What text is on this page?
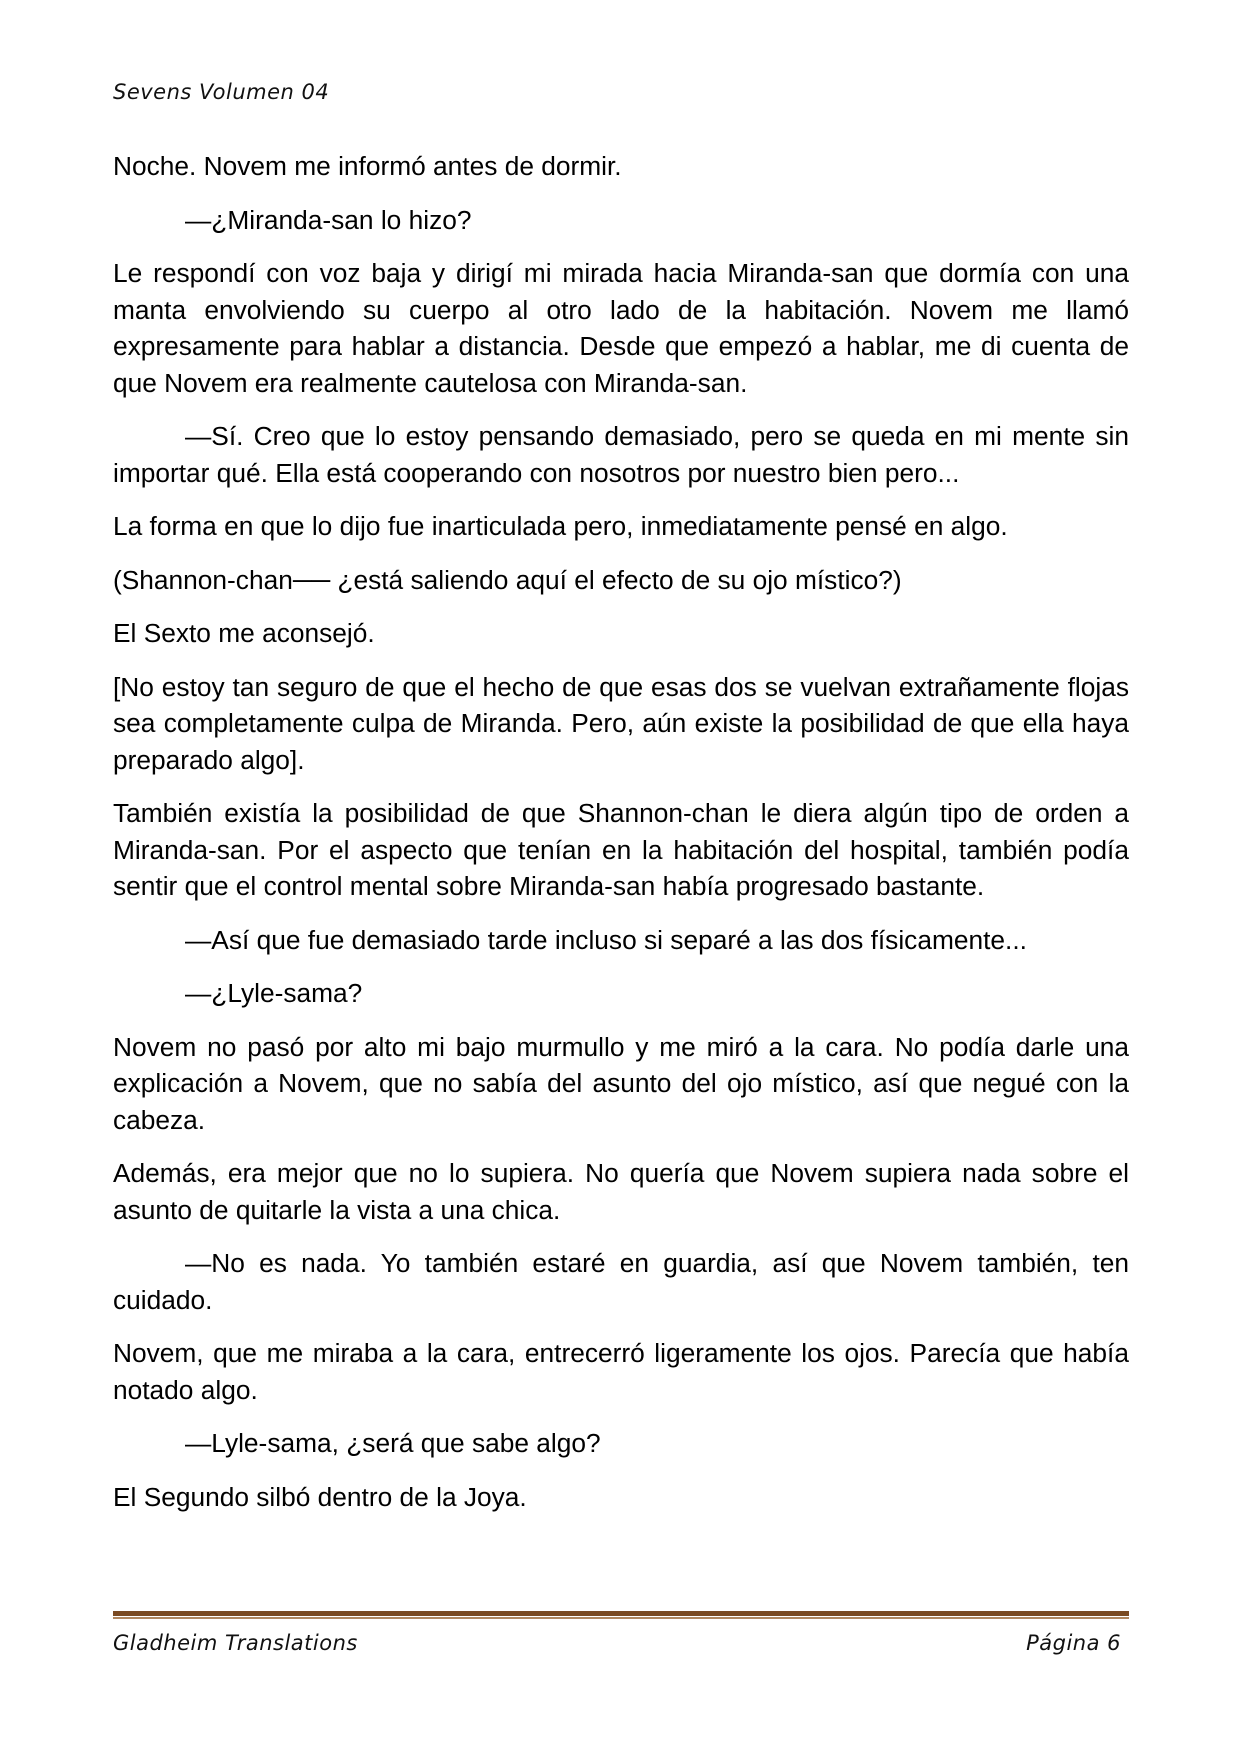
Sevens Volumen 04

Noche. Novem me informó antes de dormir.

—¿Miranda-san lo hizo?

Le respondí con voz baja y dirigí mi mirada hacia Miranda-san que dormía con una manta envolviendo su cuerpo al otro lado de la habitación. Novem me llamó expresamente para hablar a distancia. Desde que empezó a hablar, me di cuenta de que Novem era realmente cautelosa con Miranda-san.

—Sí. Creo que lo estoy pensando demasiado, pero se queda en mi mente sin importar qué. Ella está cooperando con nosotros por nuestro bien pero...

La forma en que lo dijo fue inarticulada pero, inmediatamente pensé en algo.

(Shannon-chan── ¿está saliendo aquí el efecto de su ojo místico?)

El Sexto me aconsejó.

[No estoy tan seguro de que el hecho de que esas dos se vuelvan extrañamente flojas sea completamente culpa de Miranda. Pero, aún existe la posibilidad de que ella haya preparado algo].

También existía la posibilidad de que Shannon-chan le diera algún tipo de orden a Miranda-san. Por el aspecto que tenían en la habitación del hospital, también podía sentir que el control mental sobre Miranda-san había progresado bastante.

—Así que fue demasiado tarde incluso si separé a las dos físicamente...

—¿Lyle-sama?

Novem no pasó por alto mi bajo murmullo y me miró a la cara. No podía darle una explicación a Novem, que no sabía del asunto del ojo místico, así que negué con la cabeza.

Además, era mejor que no lo supiera. No quería que Novem supiera nada sobre el asunto de quitarle la vista a una chica.

—No es nada. Yo también estaré en guardia, así que Novem también, ten cuidado.

Novem, que me miraba a la cara, entrecerró ligeramente los ojos. Parecía que había notado algo.

—Lyle-sama, ¿será que sabe algo?

El Segundo silbó dentro de la Joya.

Gladheim Translations	Página 6
